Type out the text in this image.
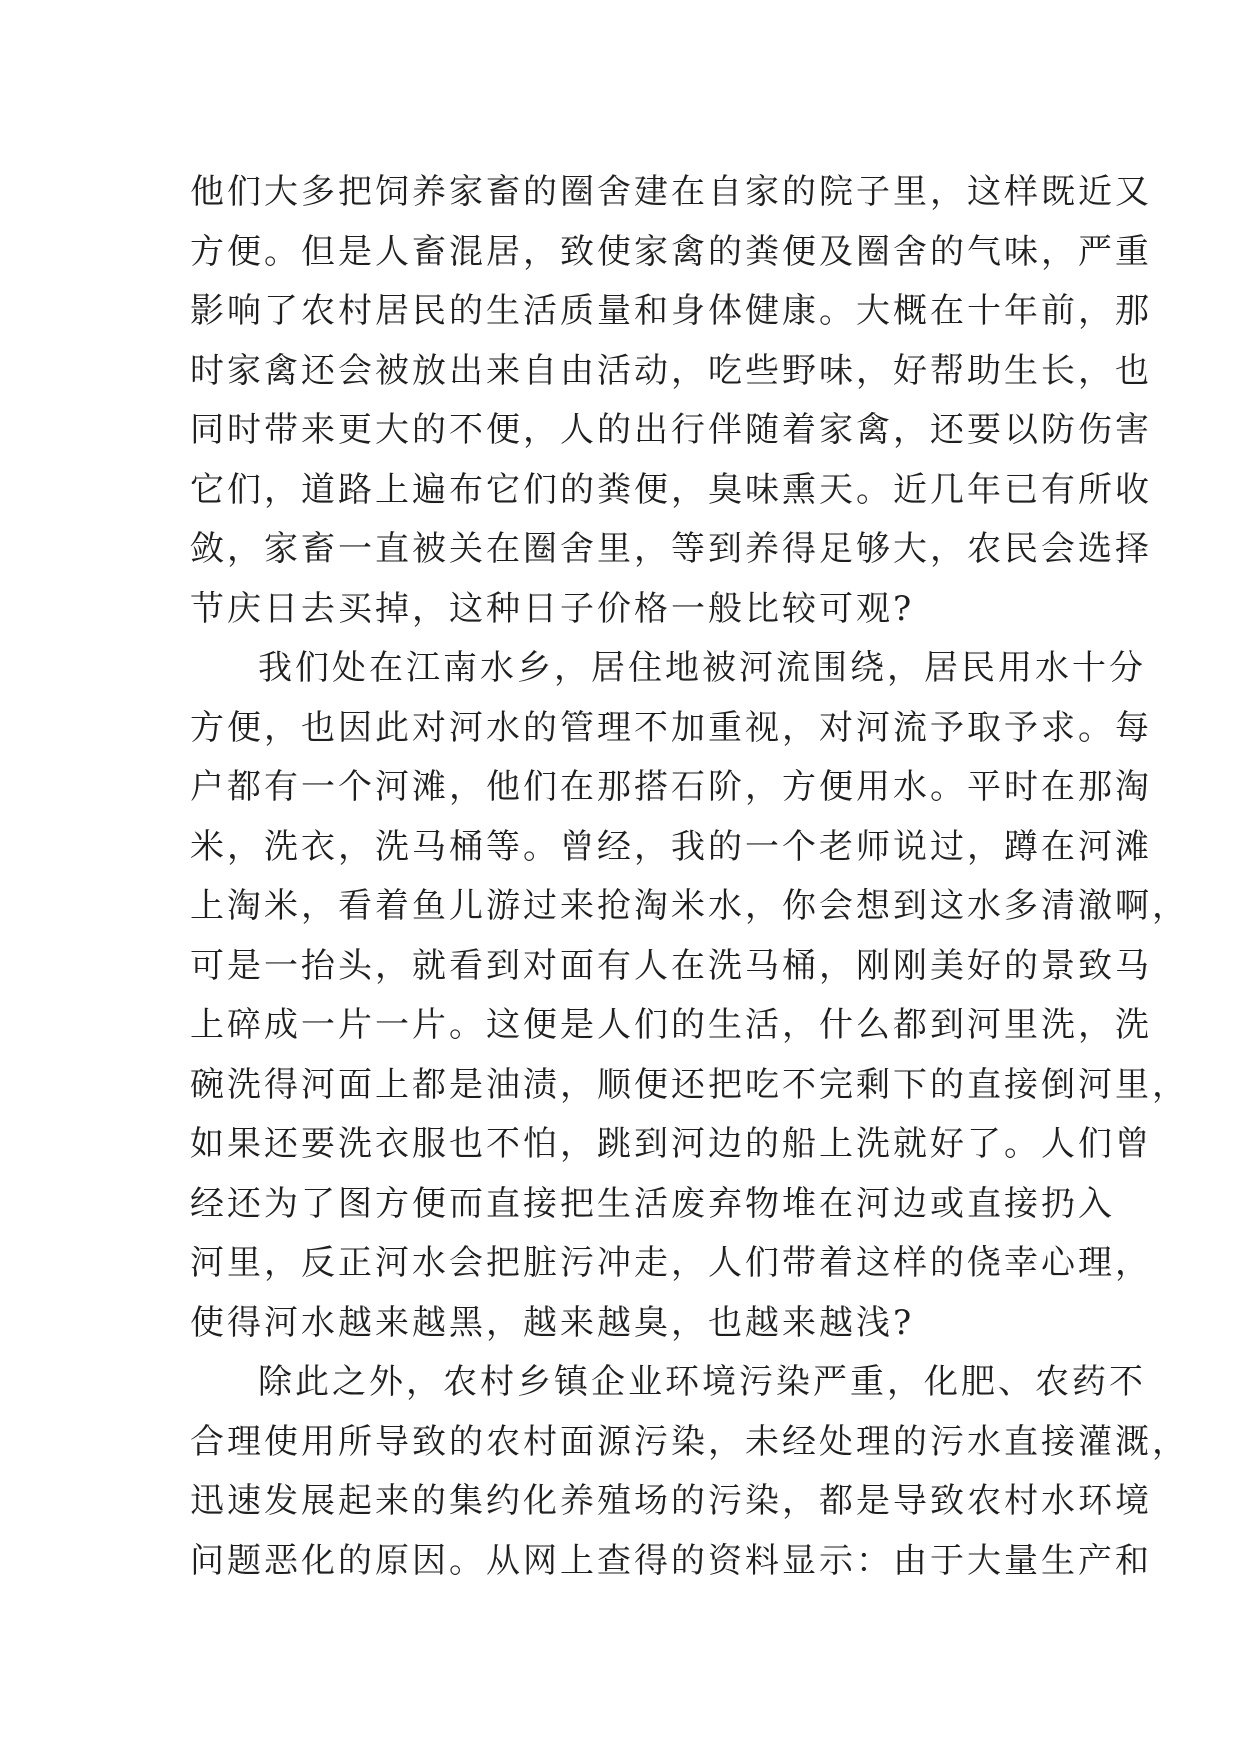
他们大多把饲养家畜的圈舍建在自家的院子里，这样既近又
方便。但是人畜混居，致使家禽的粪便及圈舍的气味，严重
影响了农村居民的生活质量和身体健康。大概在十年前，那
时家禽还会被放出来自由活动，吃些野味，好帮助生长，也
同时带来更大的不便，人的出行伴随着家禽，还要以防伤害
它们，道路上遍布它们的粪便，臭味熏天。近几年已有所收
敛，家畜一直被关在圈舍里，等到养得足够大，农民会选择
节庆日去买掉，这种日子价格一般比较可观?
我们处在江南水乡，居住地被河流围绕，居民用水十分
方便，也因此对河水的管理不加重视，对河流予取予求。每
户都有一个河滩，他们在那搭石阶，方便用水。平时在那淘
米，洗衣，洗马桶等。曾经，我的一个老师说过，蹲在河滩
上淘米，看着鱼儿游过来抢淘米水，你会想到这水多清澈啊，
可是一抬头，就看到对面有人在洗马桶，刚刚美好的景致马
上碎成一片一片。这便是人们的生活，什么都到河里洗，洗
碗洗得河面上都是油渍，顺便还把吃不完剩下的直接倒河里，
如果还要洗衣服也不怕，跳到河边的船上洗就好了。人们曾
经还为了图方便而直接把生活废弃物堆在河边或直接扔入
河里，反正河水会把脏污冲走，人们带着这样的侥幸心理，
使得河水越来越黑，越来越臭，也越来越浅?
除此之外，农村乡镇企业环境污染严重，化肥、农药不
合理使用所导致的农村面源污染，未经处理的污水直接灌溉，
迅速发展起来的集约化养殖场的污染，都是导致农村水环境
问题恶化的原因。从网上查得的资料显示：由于大量生产和
